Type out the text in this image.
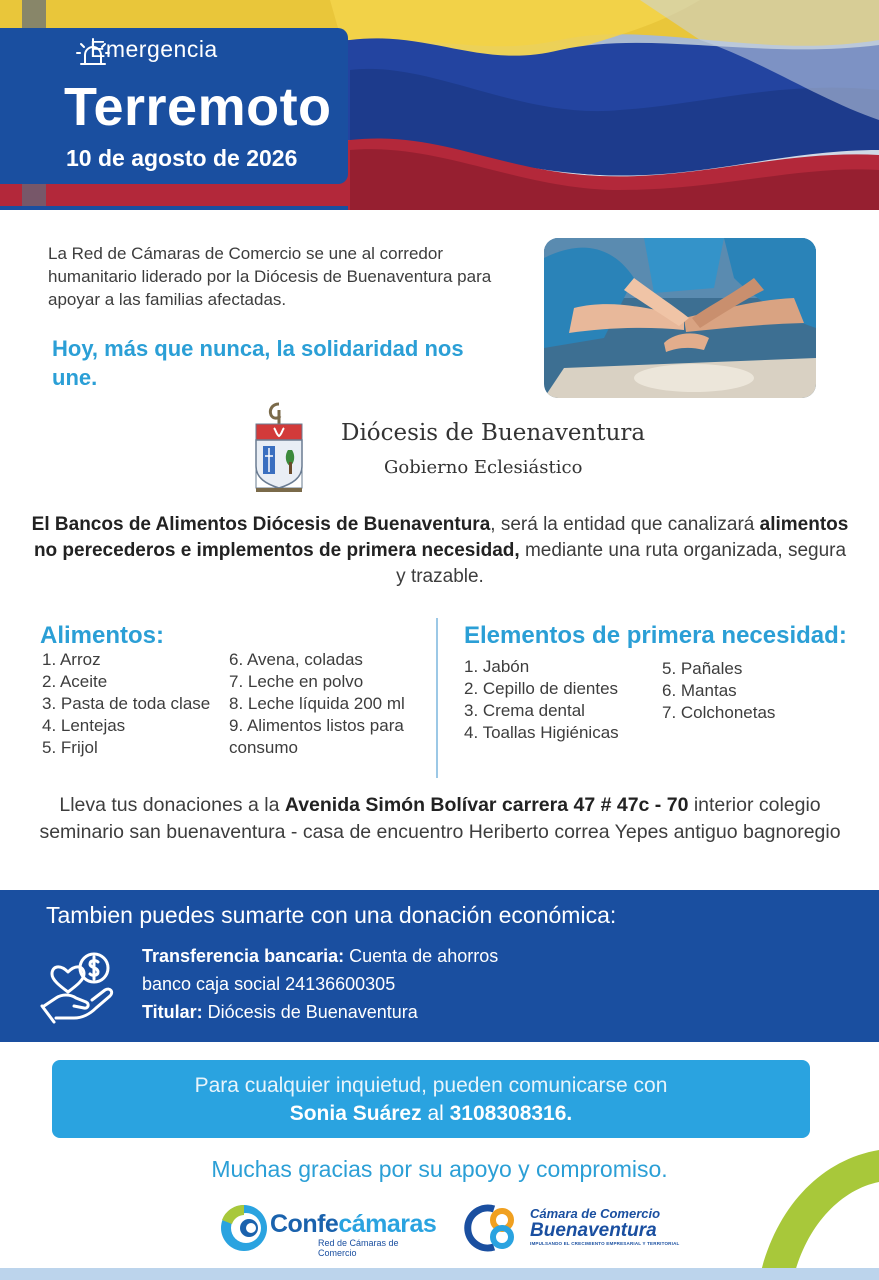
Emergencia
Terremoto
10 de agosto de 2026

La Red de Cámaras de Comercio se une al corredor humanitario liderado por la Diócesis de Buenaventura para apoyar a las familias afectadas.

Hoy, más que nunca, la solidaridad nos une.

Diócesis de Buenaventura
Gobierno Eclesiástico

El Bancos de Alimentos Diócesis de Buenaventura, será la entidad que canalizará alimentos no perecederos e implementos de primera necesidad, mediante una ruta organizada, segura y trazable.

Alimentos:
1. Arroz
2. Aceite
3. Pasta de toda clase
4. Lentejas
5. Frijol
6. Avena, coladas
7. Leche en polvo
8. Leche líquida 200 ml
9. Alimentos listos para consumo
Elementos de primera necesidad:
1. Jabón
2. Cepillo de dientes
3. Crema dental
4. Toallas Higiénicas
5. Pañales
6. Mantas
7. Colchonetas

Lleva tus donaciones a la Avenida Simón Bolívar carrera 47 # 47c - 70 interior colegio seminario san buenaventura - casa de encuentro Heriberto correa Yepes antiguo bagnoregio

Tambien puedes sumarte con una donación económica:
Transferencia bancaria: Cuenta de ahorros
banco caja social 24136600305
Titular: Diócesis de Buenaventura
Para cualquier inquietud, pueden comunicarse con
Sonia Suárez al 3108308316.
Muchas gracias por su apoyo y compromiso.
Confecámaras
Red de Cámaras de Comercio
Cámara de Comercio
Buenaventura
IMPULSANDO EL CRECIMIENTO EMPRESARIAL Y TERRITORIAL
